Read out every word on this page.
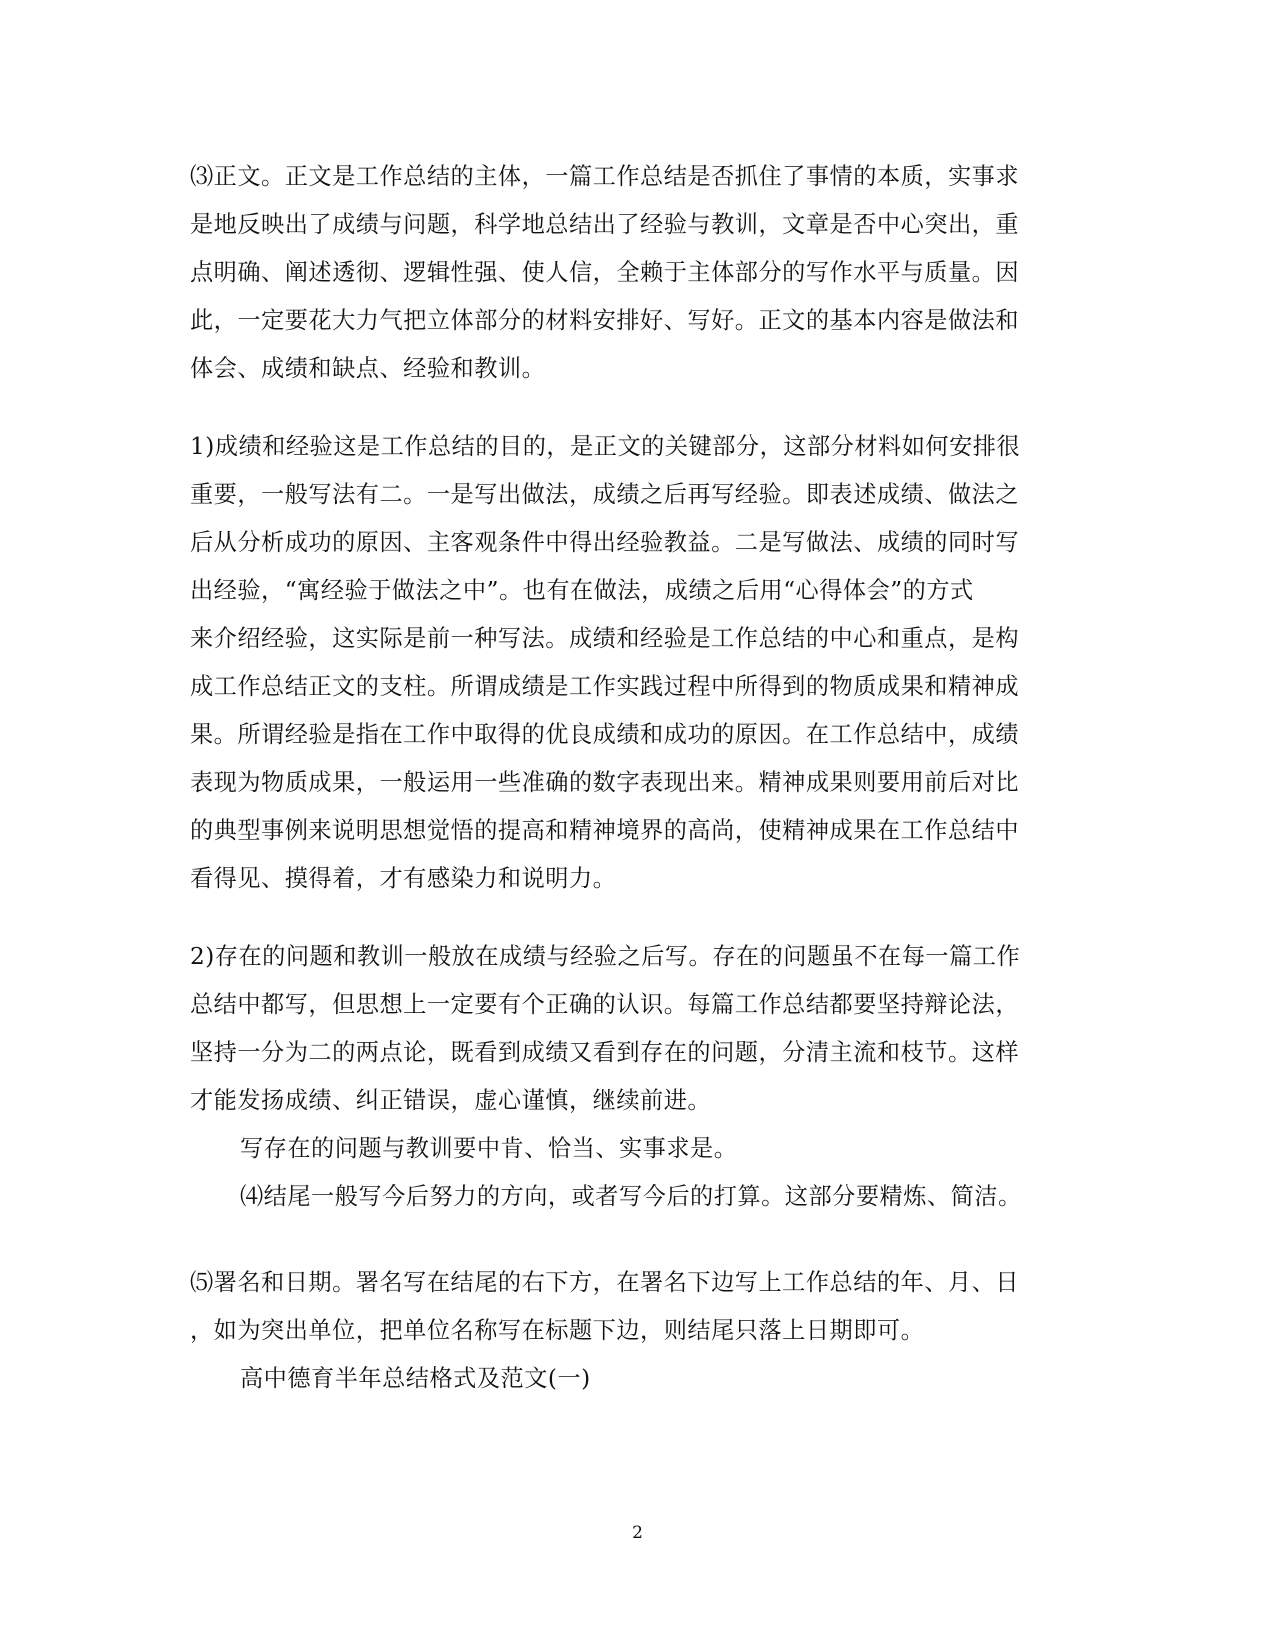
⑶正文。正文是工作总结的主体，一篇工作总结是否抓住了事情的本质，实事求
是地反映出了成绩与问题，科学地总结出了经验与教训，文章是否中心突出，重
点明确、阐述透彻、逻辑性强、使人信，全赖于主体部分的写作水平与质量。因
此，一定要花大力气把立体部分的材料安排好、写好。正文的基本内容是做法和
体会、成绩和缺点、经验和教训。

1)成绩和经验这是工作总结的目的，是正文的关键部分，这部分材料如何安排很
重要，一般写法有二。一是写出做法，成绩之后再写经验。即表述成绩、做法之
后从分析成功的原因、主客观条件中得出经验教益。二是写做法、成绩的同时写
出经验，“寓经验于做法之中”。也有在做法，成绩之后用“心得体会”的方式
来介绍经验，这实际是前一种写法。成绩和经验是工作总结的中心和重点，是构
成工作总结正文的支柱。所谓成绩是工作实践过程中所得到的物质成果和精神成
果。所谓经验是指在工作中取得的优良成绩和成功的原因。在工作总结中，成绩
表现为物质成果，一般运用一些准确的数字表现出来。精神成果则要用前后对比
的典型事例来说明思想觉悟的提高和精神境界的高尚，使精神成果在工作总结中
看得见、摸得着，才有感染力和说明力。

2)存在的问题和教训一般放在成绩与经验之后写。存在的问题虽不在每一篇工作
总结中都写，但思想上一定要有个正确的认识。每篇工作总结都要坚持辩论法，
坚持一分为二的两点论，既看到成绩又看到存在的问题，分清主流和枝节。这样
才能发扬成绩、纠正错误，虚心谨慎，继续前进。

写存在的问题与教训要中肯、恰当、实事求是。

⑷结尾一般写今后努力的方向，或者写今后的打算。这部分要精炼、简洁。

⑸署名和日期。署名写在结尾的右下方，在署名下边写上工作总结的年、月、日
，如为突出单位，把单位名称写在标题下边，则结尾只落上日期即可。

高中德育半年总结格式及范文(一)

2
